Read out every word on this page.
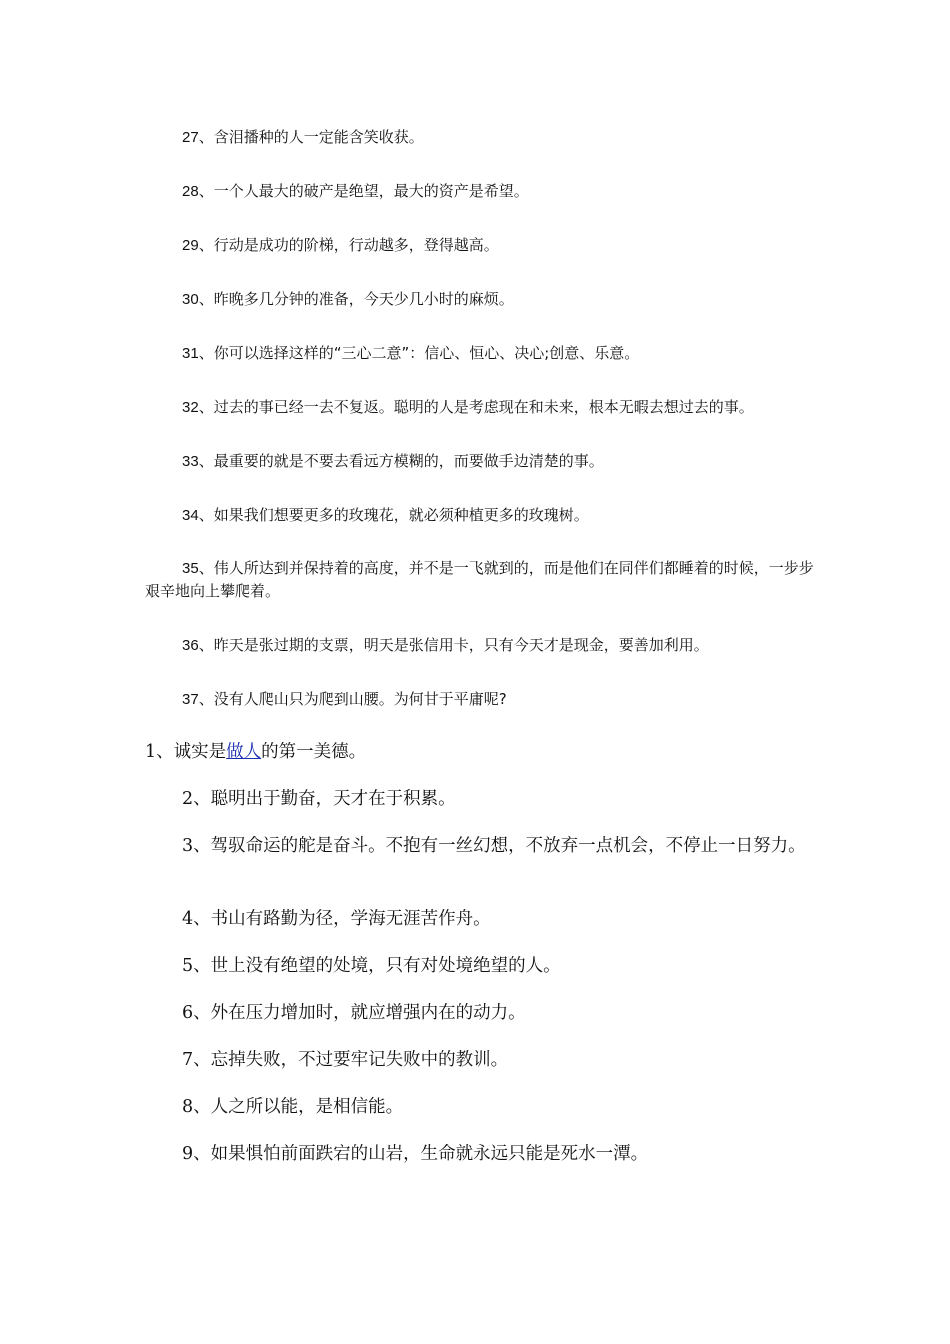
27、含泪播种的人一定能含笑收获。

28、一个人最大的破产是绝望，最大的资产是希望。

29、行动是成功的阶梯，行动越多，登得越高。

30、昨晚多几分钟的准备，今天少几小时的麻烦。

31、你可以选择这样的“三心二意”：信心、恒心、决心;创意、乐意。

32、过去的事已经一去不复返。聪明的人是考虑现在和未来，根本无暇去想过去的事。

33、最重要的就是不要去看远方模糊的，而要做手边清楚的事。

34、如果我们想要更多的玫瑰花，就必须种植更多的玫瑰树。

35、伟人所达到并保持着的高度，并不是一飞就到的，而是他们在同伴们都睡着的时候，一步步艰辛地向上攀爬着。

36、昨天是张过期的支票，明天是张信用卡，只有今天才是现金，要善加利用。

37、没有人爬山只为爬到山腰。为何甘于平庸呢?

1、诚实是做人的第一美德。

2、聪明出于勤奋，天才在于积累。

3、驾驭命运的舵是奋斗。不抱有一丝幻想，不放弃一点机会，不停止一日努力。

4、书山有路勤为径，学海无涯苦作舟。

5、世上没有绝望的处境，只有对处境绝望的人。

6、外在压力增加时，就应增强内在的动力。

7、忘掉失败，不过要牢记失败中的教训。

8、人之所以能，是相信能。

9、如果惧怕前面跌宕的山岩，生命就永远只能是死水一潭。
